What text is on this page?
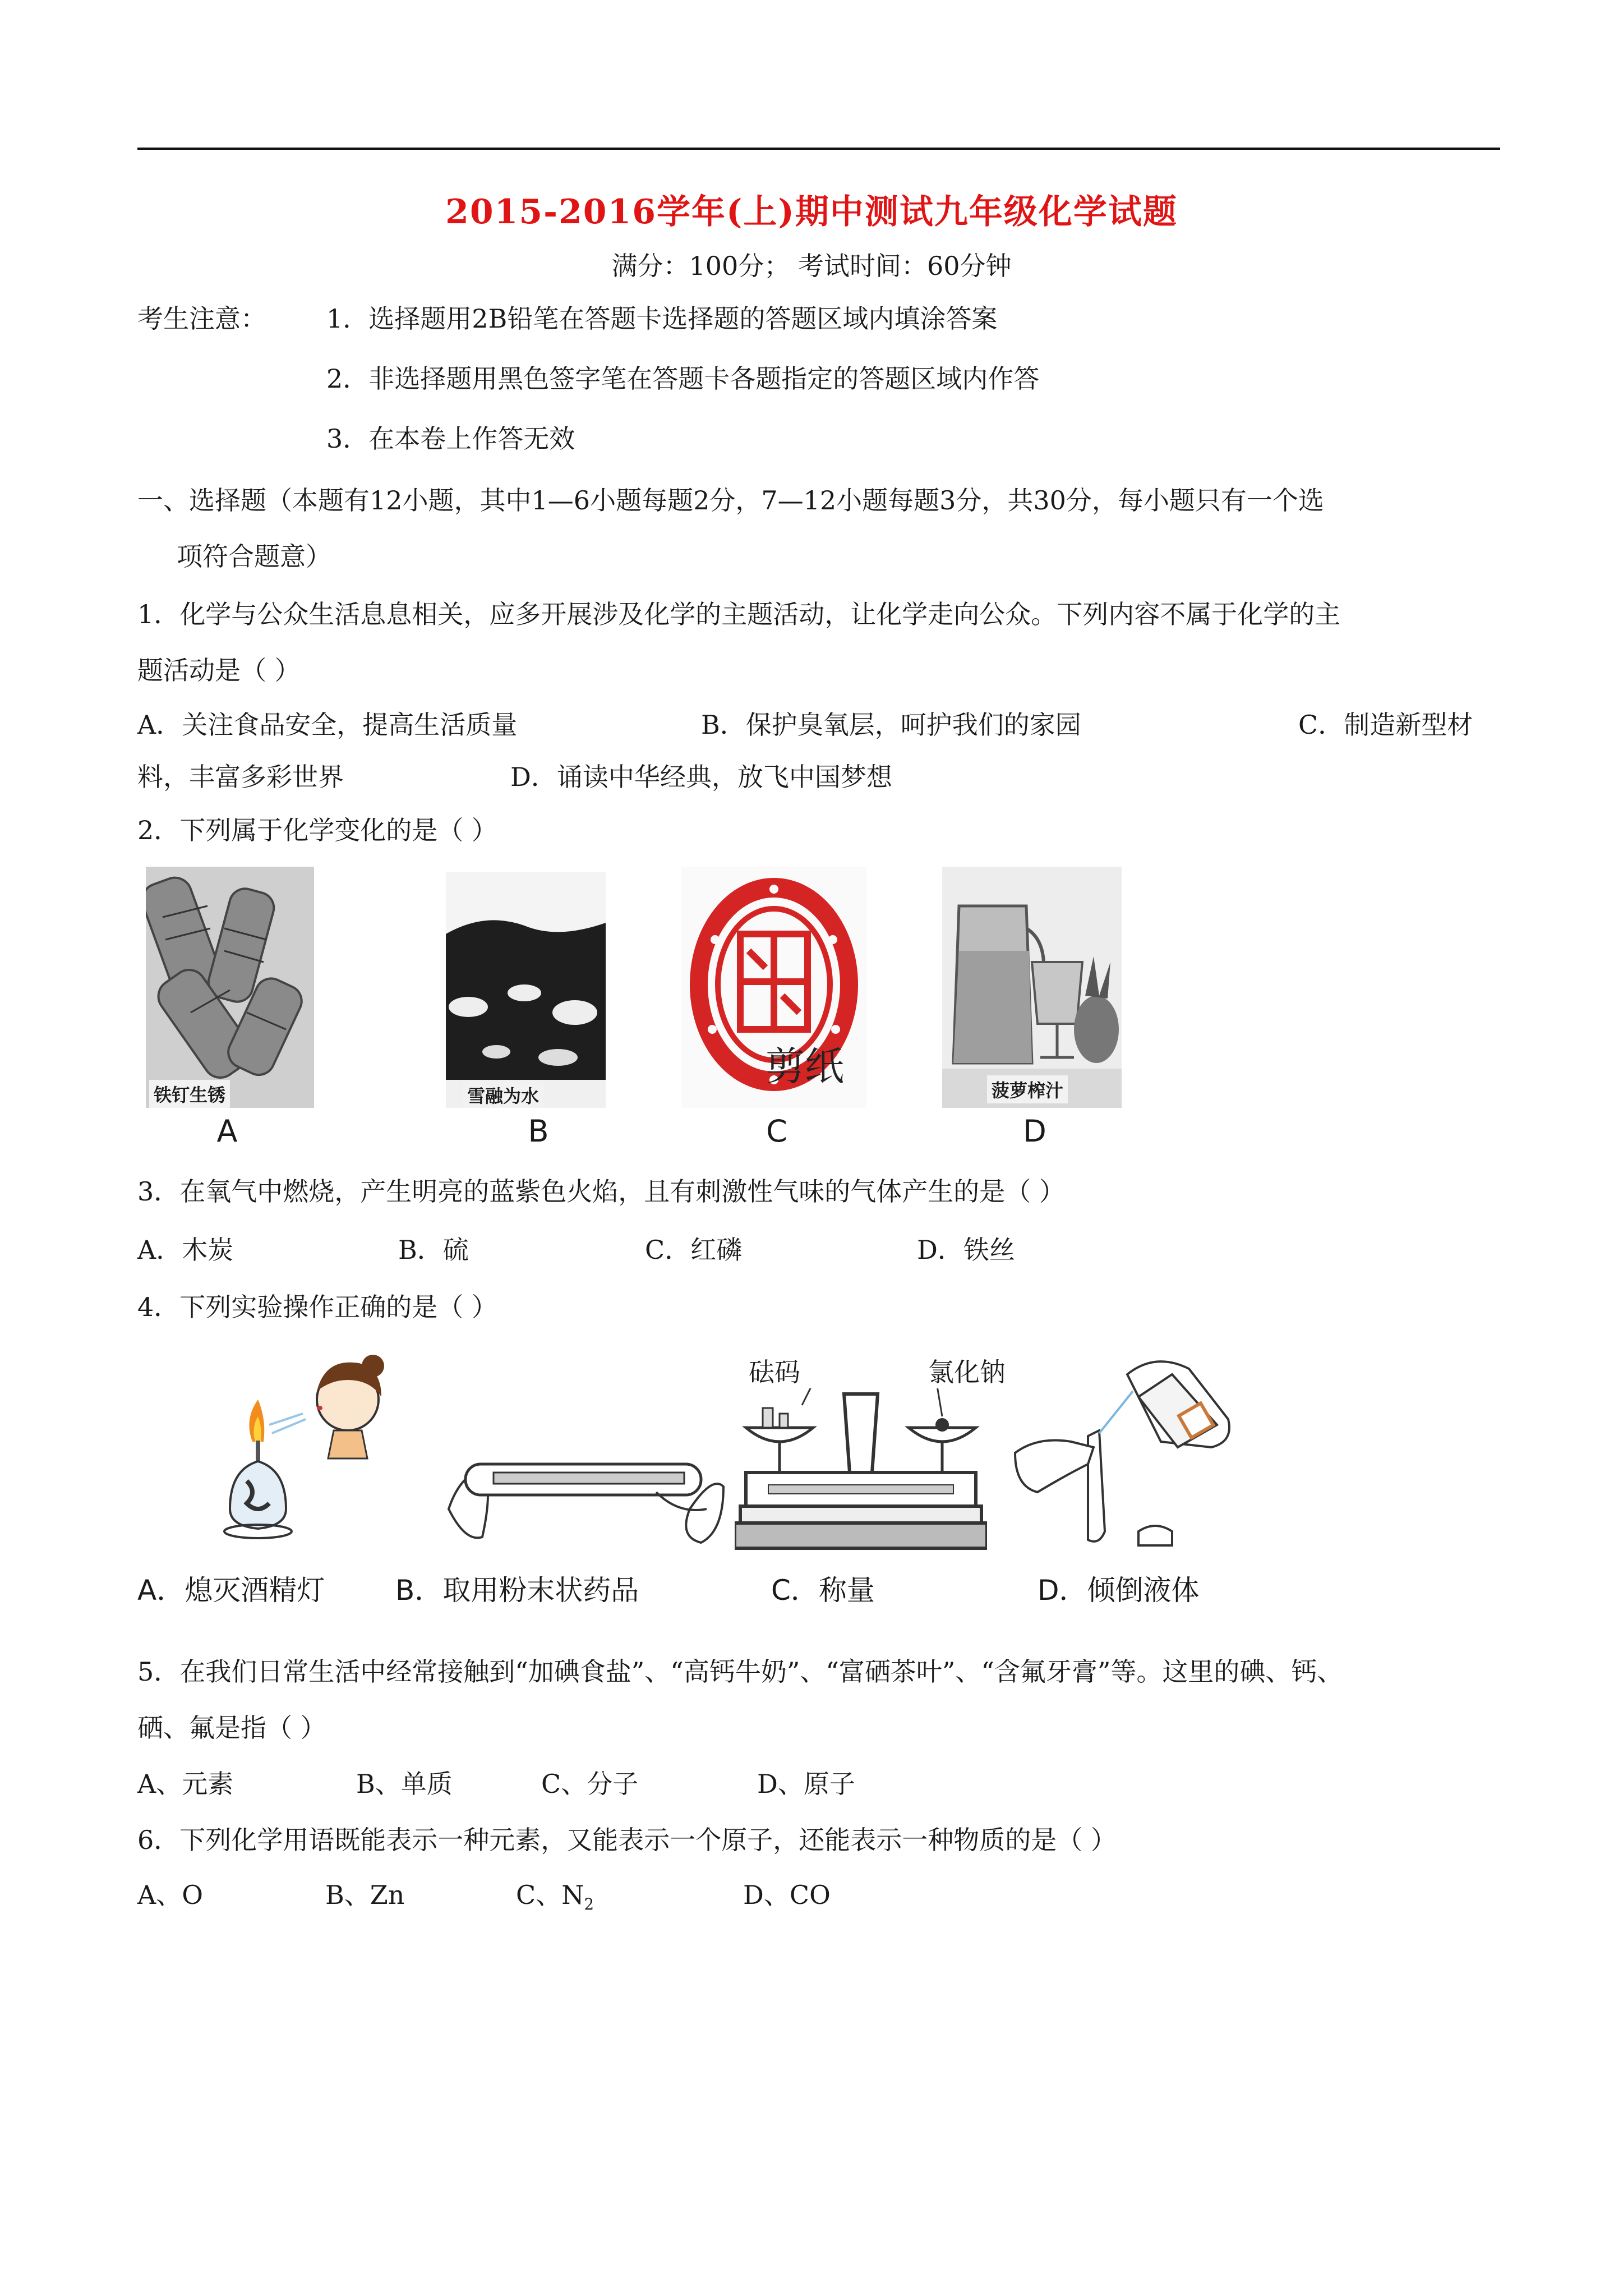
2015-2016学年(上)期中测试九年级化学试题
满分：100分； 考试时间：60分钟
考生注意： 1．选择题用2B铅笔在答题卡选择题的答题区域内填涂答案
2．非选择题用黑色签字笔在答题卡各题指定的答题区域内作答
3．在本卷上作答无效
一、选择题（本题有12小题，其中1—6小题每题2分，7—12小题每题3分，共30分，每小题只有一个选
项符合题意）
1．化学与公众生活息息相关，应多开展涉及化学的主题活动，让化学走向公众。下列内容不属于化学的主
题活动是（ ）
A．关注食品安全，提高生活质量	B．保护臭氧层，呵护我们的家园	C．制造新型材
料，丰富多彩世界	D．诵读中华经典，放飞中国梦想
2．下列属于化学变化的是（ ）
铁钉生锈
A
雪融为水
B
剪纸
C
菠萝榨汁
D
3．在氧气中燃烧，产生明亮的蓝紫色火焰，且有刺激性气味的气体产生的是（ ）
A．木炭	B．硫	C．红磷	D．铁丝
4．下列实验操作正确的是（ ）
A．熄灭酒精灯	B．取用粉末状药品
砝码	氯化钠
C．称量	D．倾倒液体
5．在我们日常生活中经常接触到“加碘食盐”、“高钙牛奶”、“富硒茶叶”、“含氟牙膏”等。这里的碘、钙、
硒、氟是指（ ）
A、元素	B、单质	C、分子	D、原子
6．下列化学用语既能表示一种元素，又能表示一个原子，还能表示一种物质的是（ ）
A、O	B、Zn	C、$N_2$	D、CO
